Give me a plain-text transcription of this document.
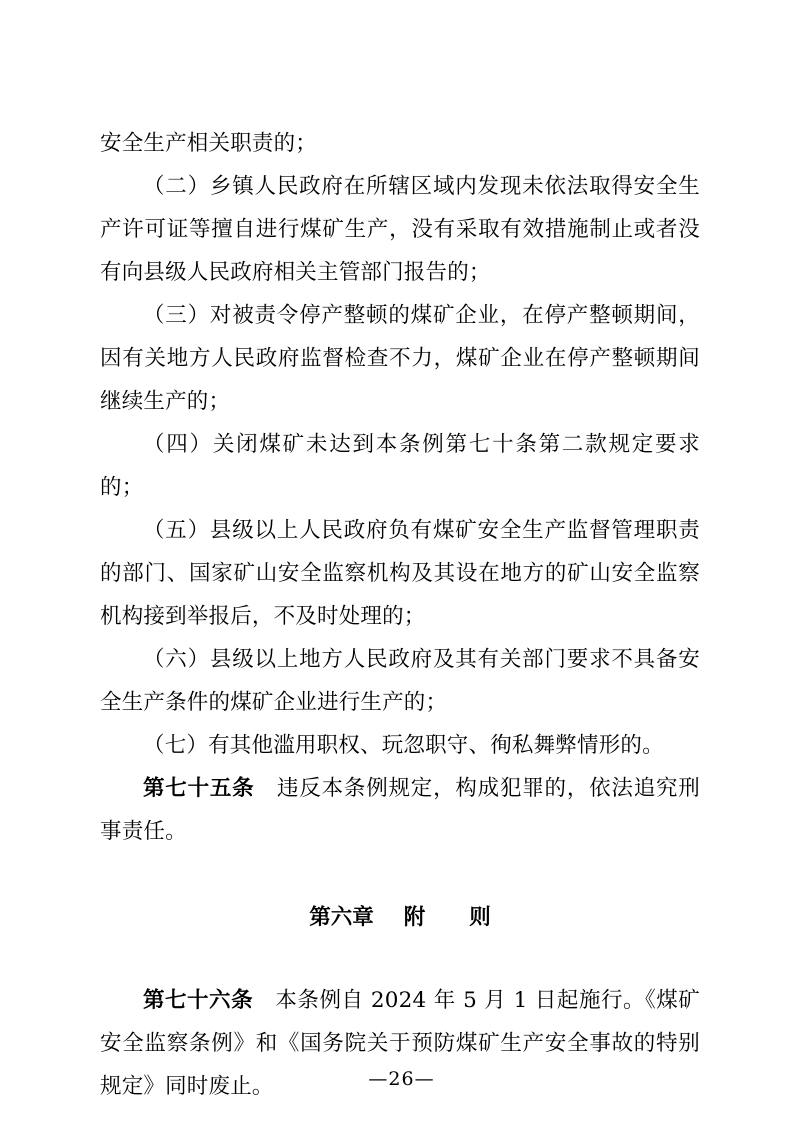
安全生产相关职责的；

（二）乡镇人民政府在所辖区域内发现未依法取得安全生产许可证等擅自进行煤矿生产，没有采取有效措施制止或者没有向县级人民政府相关主管部门报告的；

（三）对被责令停产整顿的煤矿企业，在停产整顿期间，因有关地方人民政府监督检查不力，煤矿企业在停产整顿期间继续生产的；

（四）关闭煤矿未达到本条例第七十条第二款规定要求的；

（五）县级以上人民政府负有煤矿安全生产监督管理职责的部门、国家矿山安全监察机构及其设在地方的矿山安全监察机构接到举报后，不及时处理的；

（六）县级以上地方人民政府及其有关部门要求不具备安全生产条件的煤矿企业进行生产的；

（七）有其他滥用职权、玩忽职守、徇私舞弊情形的。

第七十五条 违反本条例规定，构成犯罪的，依法追究刑事责任。

第六章 附 则

第七十六条 本条例自 2024 年 5 月 1 日起施行。《煤矿安全监察条例》和《国务院关于预防煤矿生产安全事故的特别规定》同时废止。	—26—
